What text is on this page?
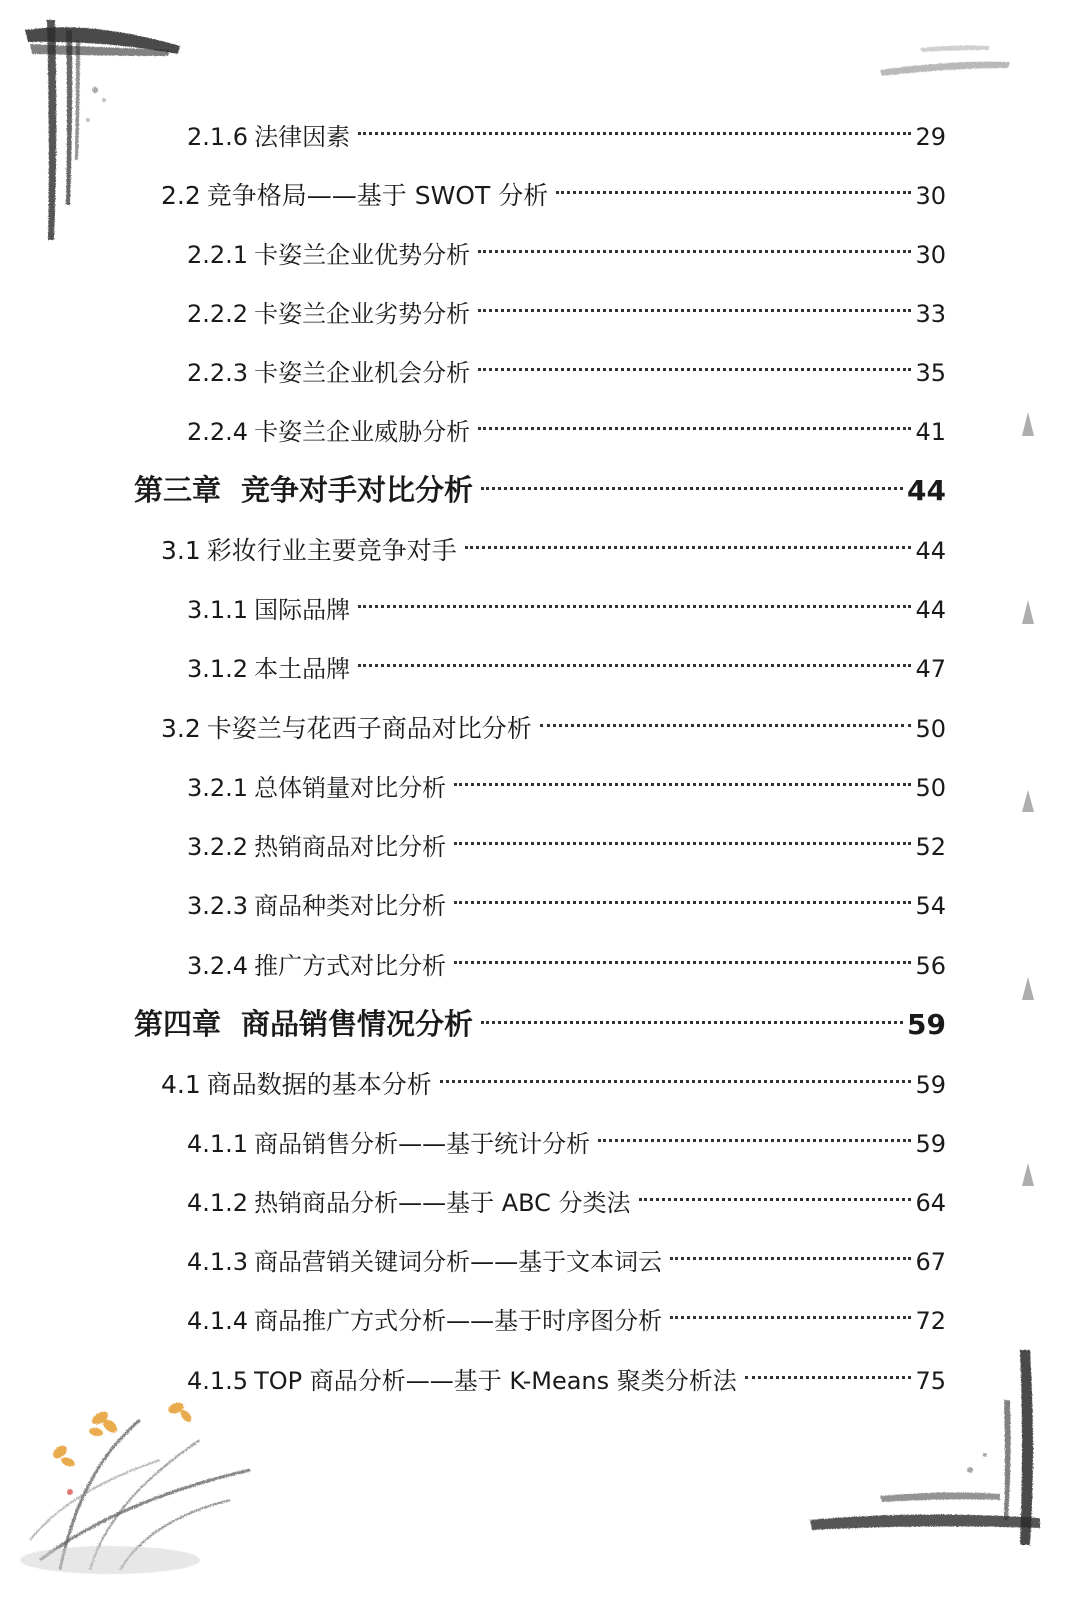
2.1.6 法律因素	29
2.2 竞争格局——基于 SWOT 分析	30
2.2.1 卡姿兰企业优势分析	30
2.2.2 卡姿兰企业劣势分析	33
2.2.3 卡姿兰企业机会分析	35
2.2.4 卡姿兰企业威胁分析	41
第三章 竞争对手对比分析	44
3.1 彩妆行业主要竞争对手	44
3.1.1 国际品牌	44
3.1.2 本土品牌	47
3.2 卡姿兰与花西子商品对比分析	50
3.2.1 总体销量对比分析	50
3.2.2 热销商品对比分析	52
3.2.3 商品种类对比分析	54
3.2.4 推广方式对比分析	56
第四章 商品销售情况分析	59
4.1 商品数据的基本分析	59
4.1.1 商品销售分析——基于统计分析	59
4.1.2 热销商品分析——基于 ABC 分类法	64
4.1.3 商品营销关键词分析——基于文本词云	67
4.1.4 商品推广方式分析——基于时序图分析	72
4.1.5 TOP 商品分析——基于 K-Means 聚类分析法	75
